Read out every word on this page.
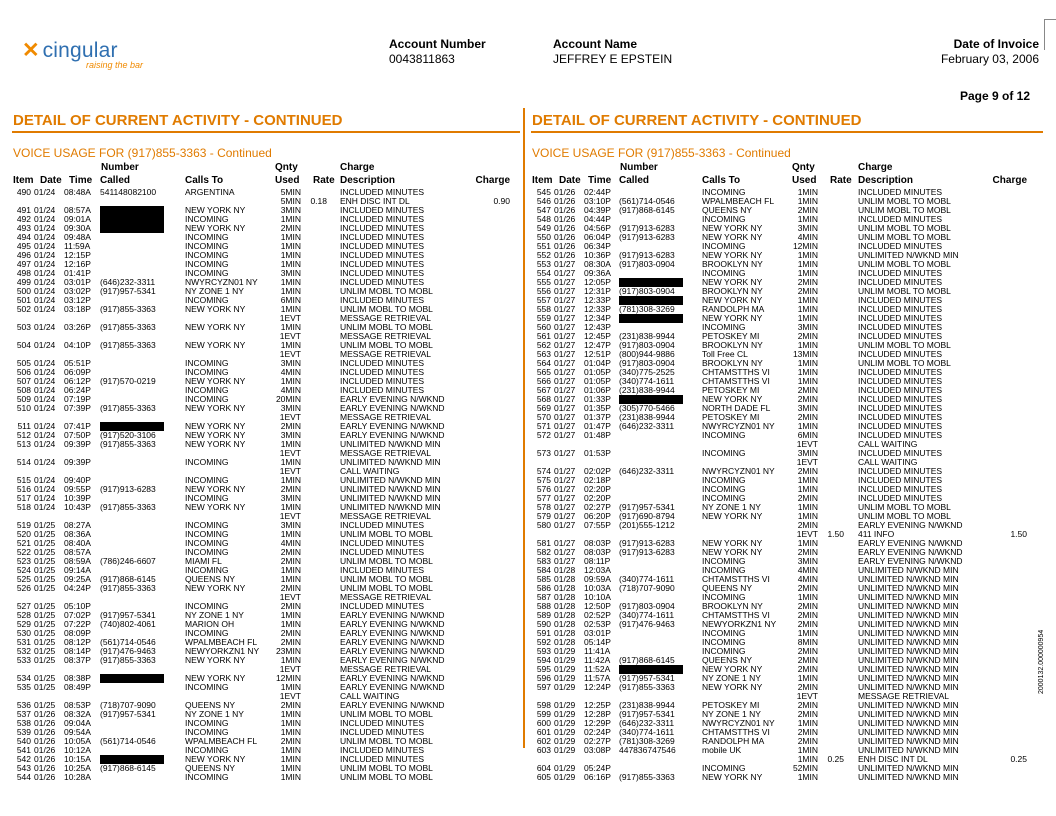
✕ cingular
raising the bar
Account Number
0043811863
Account Name
JEFFREY E EPSTEIN
Date of Invoice
February 03, 2006
Page 9 of 12
DETAIL OF CURRENT ACTIVITY - CONTINUED	DETAIL OF CURRENT ACTIVITY - CONTINUED
VOICE USAGE FOR (917)855-3363 - Continued	VOICE USAGE FOR (917)855-3363 - Continued
Number	Qnty	Charge
Item Date Time Called	Calls To	Used Rate Description	Charge
490 01/24 08:48A 541148082100	ARGENTINA	5MIN	INCLUDED MINUTES
5MIN 0.18 ENH DISC INT DL	0.90
491 01/24 08:57A	NEW YORK NY	3MIN	INCLUDED MINUTES
492 01/24 09:01A	INCOMING	1MIN	INCLUDED MINUTES
493 01/24 09:30A	NEW YORK NY	2MIN	INCLUDED MINUTES
494 01/24 09:48A	INCOMING	1MIN	INCLUDED MINUTES
495 01/24 11:59A	INCOMING	1MIN	INCLUDED MINUTES
496 01/24 12:15P	INCOMING	1MIN	INCLUDED MINUTES
497 01/24 12:16P	INCOMING	1MIN	INCLUDED MINUTES
498 01/24 01:41P	INCOMING	3MIN	INCLUDED MINUTES
499 01/24 03:01P (646)232-3311	NWYRCYZN01 NY	1MIN	INCLUDED MINUTES
500 01/24 03:02P (917)957-5341	NY ZONE 1 NY	1MIN	UNLIM MOBL TO MOBL
501 01/24 03:12P	INCOMING	6MIN	INCLUDED MINUTES
502 01/24 03:18P (917)855-3363	NEW YORK NY	1MIN	UNLIM MOBL TO MOBL
1EVT	MESSAGE RETRIEVAL
503 01/24 03:26P (917)855-3363	NEW YORK NY	1MIN	UNLIM MOBL TO MOBL
1EVT	MESSAGE RETRIEVAL
504 01/24 04:10P (917)855-3363	NEW YORK NY	1MIN	UNLIM MOBL TO MOBL
1EVT	MESSAGE RETRIEVAL
505 01/24 05:51P	INCOMING	3MIN	INCLUDED MINUTES
506 01/24 06:09P	INCOMING	4MIN	INCLUDED MINUTES
507 01/24 06:12P (917)570-0219	NEW YORK NY	1MIN	INCLUDED MINUTES
508 01/24 06:24P	INCOMING	4MIN	INCLUDED MINUTES
509 01/24 07:19P	INCOMING	20MIN	EARLY EVENING N/WKND
510 01/24 07:39P (917)855-3363	NEW YORK NY	3MIN	EARLY EVENING N/WKND
1EVT	MESSAGE RETRIEVAL
511 01/24 07:41P	NEW YORK NY	2MIN	EARLY EVENING N/WKND
512 01/24 07:50P (917)520-3106	NEW YORK NY	3MIN	EARLY EVENING N/WKND
513 01/24 09:39P (917)855-3363	NEW YORK NY	1MIN	UNLIMITED N/WKND MIN
1EVT	MESSAGE RETRIEVAL
514 01/24 09:39P	INCOMING	1MIN	UNLIMITED N/WKND MIN
1EVT	CALL WAITING
515 01/24 09:40P	INCOMING	1MIN	UNLIMITED N/WKND MIN
516 01/24 09:55P (917)913-6283	NEW YORK NY	2MIN	UNLIMITED N/WKND MIN
517 01/24 10:39P	INCOMING	3MIN	UNLIMITED N/WKND MIN
518 01/24 10:43P (917)855-3363	NEW YORK NY	1MIN	UNLIMITED N/WKND MIN
1EVT	MESSAGE RETRIEVAL
519 01/25 08:27A	INCOMING	3MIN	INCLUDED MINUTES
520 01/25 08:36A	INCOMING	1MIN	UNLIM MOBL TO MOBL
521 01/25 08:40A	INCOMING	4MIN	INCLUDED MINUTES
522 01/25 08:57A	INCOMING	2MIN	INCLUDED MINUTES
523 01/25 08:59A (786)246-6607	MIAMI FL	2MIN	UNLIM MOBL TO MOBL
524 01/25 09:14A	INCOMING	1MIN	INCLUDED MINUTES
525 01/25 09:25A (917)868-6145	QUEENS NY	1MIN	UNLIM MOBL TO MOBL
526 01/25 04:24P (917)855-3363	NEW YORK NY	2MIN	UNLIM MOBL TO MOBL
1EVT	MESSAGE RETRIEVAL
527 01/25 05:10P	INCOMING	2MIN	INCLUDED MINUTES
528 01/25 07:02P (917)957-5341	NY ZONE 1 NY	1MIN	EARLY EVENING N/WKND
529 01/25 07:22P (740)802-4061	MARION OH	1MIN	EARLY EVENING N/WKND
530 01/25 08:09P	INCOMING	2MIN	EARLY EVENING N/WKND
531 01/25 08:12P (561)714-0546	WPALMBEACH FL	2MIN	EARLY EVENING N/WKND
532 01/25 08:14P (917)476-9463	NEWYORKZN1 NY 23MIN	EARLY EVENING N/WKND
533 01/25 08:37P (917)855-3363	NEW YORK NY	1MIN	EARLY EVENING N/WKND
1EVT	MESSAGE RETRIEVAL
534 01/25 08:38P	NEW YORK NY	12MIN	EARLY EVENING N/WKND
535 01/25 08:49P	INCOMING	1MIN	EARLY EVENING N/WKND
1EVT	CALL WAITING
536 01/25 08:53P (718)707-9090	QUEENS NY	2MIN	EARLY EVENING N/WKND
537 01/26 08:32A (917)957-5341	NY ZONE 1 NY	1MIN	UNLIM MOBL TO MOBL
538 01/26 09:04A	INCOMING	1MIN	INCLUDED MINUTES
539 01/26 09:54A	INCOMING	1MIN	INCLUDED MINUTES
540 01/26 10:05A (561)714-0546	WPALMBEACH FL	2MIN	UNLIM MOBL TO MOBL
541 01/26 10:12A	INCOMING	1MIN	INCLUDED MINUTES
542 01/26 10:15A	NEW YORK NY	1MIN	INCLUDED MINUTES
543 01/26 10:25A (917)868-6145	QUEENS NY	1MIN	UNLIM MOBL TO MOBL
544 01/26 10:28A	INCOMING	1MIN	UNLIM MOBL TO MOBL
Number	Qnty	Charge
Item Date Time Called	Calls To	Used Rate Description	Charge
545 01/26 02:44P	INCOMING	1MIN	INCLUDED MINUTES
546 01/26 03:10P (561)714-0546	WPALMBEACH FL	1MIN	UNLIM MOBL TO MOBL
547 01/26 04:39P (917)868-6145	QUEENS NY	2MIN	UNLIM MOBL TO MOBL
548 01/26 04:44P	INCOMING	1MIN	INCLUDED MINUTES
549 01/26 04:56P (917)913-6283	NEW YORK NY	3MIN	UNLIM MOBL TO MOBL
550 01/26 06:04P (917)913-6283	NEW YORK NY	4MIN	UNLIM MOBL TO MOBL
551 01/26 06:34P	INCOMING	12MIN	INCLUDED MINUTES
552 01/26 10:36P (917)913-6283	NEW YORK NY	1MIN	UNLIMITED N/WKND MIN
553 01/27 08:30A (917)803-0904	BROOKLYN NY	1MIN	UNLIM MOBL TO MOBL
554 01/27 09:36A	INCOMING	1MIN	INCLUDED MINUTES
555 01/27 12:05P	NEW YORK NY	2MIN	INCLUDED MINUTES
556 01/27 12:31P (917)803-0904	BROOKLYN NY	2MIN	UNLIM MOBL TO MOBL
557 01/27 12:33P	NEW YORK NY	1MIN	INCLUDED MINUTES
558 01/27 12:33P (781)308-3269	RANDOLPH MA	1MIN	INCLUDED MINUTES
559 01/27 12:34P	NEW YORK NY	1MIN	INCLUDED MINUTES
560 01/27 12:43P	INCOMING	3MIN	INCLUDED MINUTES
561 01/27 12:45P (231)838-9944	PETOSKEY MI	2MIN	INCLUDED MINUTES
562 01/27 12:47P (917)803-0904	BROOKLYN NY	1MIN	UNLIM MOBL TO MOBL
563 01/27 12:51P (800)944-9886	Toll Free CL	13MIN	INCLUDED MINUTES
564 01/27 01:04P (917)803-0904	BROOKLYN NY	1MIN	UNLIM MOBL TO MOBL
565 01/27 01:05P (340)775-2525	CHTAMSTTHS VI	1MIN	INCLUDED MINUTES
566 01/27 01:05P (340)774-1611	CHTAMSTTHS VI	1MIN	INCLUDED MINUTES
567 01/27 01:06P (231)838-9944	PETOSKEY MI	2MIN	INCLUDED MINUTES
568 01/27 01:33P	NEW YORK NY	2MIN	INCLUDED MINUTES
569 01/27 01:35P (305)770-5466	NORTH DADE FL	3MIN	INCLUDED MINUTES
570 01/27 01:37P (231)838-9944	PETOSKEY MI	2MIN	INCLUDED MINUTES
571 01/27 01:47P (646)232-3311	NWYRCYZN01 NY	1MIN	INCLUDED MINUTES
572 01/27 01:48P	INCOMING	6MIN	INCLUDED MINUTES
1EVT	CALL WAITING
573 01/27 01:53P	INCOMING	3MIN	INCLUDED MINUTES
1EVT	CALL WAITING
574 01/27 02:02P (646)232-3311	NWYRCYZN01 NY	2MIN	INCLUDED MINUTES
575 01/27 02:18P	INCOMING	1MIN	INCLUDED MINUTES
576 01/27 02:20P	INCOMING	1MIN	INCLUDED MINUTES
577 01/27 02:20P	INCOMING	2MIN	INCLUDED MINUTES
578 01/27 02:27P (917)957-5341	NY ZONE 1 NY	1MIN	UNLIM MOBL TO MOBL
579 01/27 06:20P (917)690-8794	NEW YORK NY	1MIN	UNLIM MOBL TO MOBL
580 01/27 07:55P (201)555-1212	2MIN	EARLY EVENING N/WKND
1EVT 1.50 411 INFO	1.50
581 01/27 08:03P (917)913-6283	NEW YORK NY	1MIN	EARLY EVENING N/WKND
582 01/27 08:03P (917)913-6283	NEW YORK NY	2MIN	EARLY EVENING N/WKND
583 01/27 08:11P	INCOMING	3MIN	EARLY EVENING N/WKND
584 01/28 12:03A	INCOMING	4MIN	UNLIMITED N/WKND MIN
585 01/28 09:59A (340)774-1611	CHTAMSTTHS VI	4MIN	UNLIMITED N/WKND MIN
586 01/28 10:03A (718)707-9090	QUEENS NY	2MIN	UNLIMITED N/WKND MIN
587 01/28 10:10A	INCOMING	1MIN	UNLIMITED N/WKND MIN
588 01/28 12:50P (917)803-0904	BROOKLYN NY	2MIN	UNLIMITED N/WKND MIN
589 01/28 02:52P (340)774-1611	CHTAMSTTHS VI	2MIN	UNLIMITED N/WKND MIN
590 01/28 02:53P (917)476-9463	NEWYORKZN1 NY	2MIN	UNLIMITED N/WKND MIN
591 01/28 03:01P	INCOMING	1MIN	UNLIMITED N/WKND MIN
592 01/28 05:14P	INCOMING	8MIN	UNLIMITED N/WKND MIN
593 01/29 11:41A	INCOMING	2MIN	UNLIMITED N/WKND MIN
594 01/29 11:42A (917)868-6145	QUEENS NY	2MIN	UNLIMITED N/WKND MIN
595 01/29 11:52A	NEW YORK NY	2MIN	UNLIMITED N/WKND MIN
596 01/29 11:57A (917)957-5341	NY ZONE 1 NY	1MIN	UNLIMITED N/WKND MIN
597 01/29 12:24P (917)855-3363	NEW YORK NY	2MIN	UNLIMITED N/WKND MIN
1EVT	MESSAGE RETRIEVAL
598 01/29 12:25P (231)838-9944	PETOSKEY MI	2MIN	UNLIMITED N/WKND MIN
599 01/29 12:28P (917)957-5341	NY ZONE 1 NY	2MIN	UNLIMITED N/WKND MIN
600 01/29 12:29P (646)232-3311	NWYRCYZN01 NY	1MIN	UNLIMITED N/WKND MIN
601 01/29 02:24P (340)774-1611	CHTAMSTTHS VI	2MIN	UNLIMITED N/WKND MIN
602 01/29 02:27P (781)308-3269	RANDOLPH MA	2MIN	UNLIMITED N/WKND MIN
603 01/29 03:08P 447836747546	mobile UK	1MIN	UNLIMITED N/WKND MIN
1MIN 0.25 ENH DISC INT DL	0.25
604 01/29 05:24P	INCOMING	52MIN	UNLIMITED N/WKND MIN
605 01/29 06:16P (917)855-3363	NEW YORK NY	1MIN	UNLIMITED N/WKND MIN
2000132.000000954
